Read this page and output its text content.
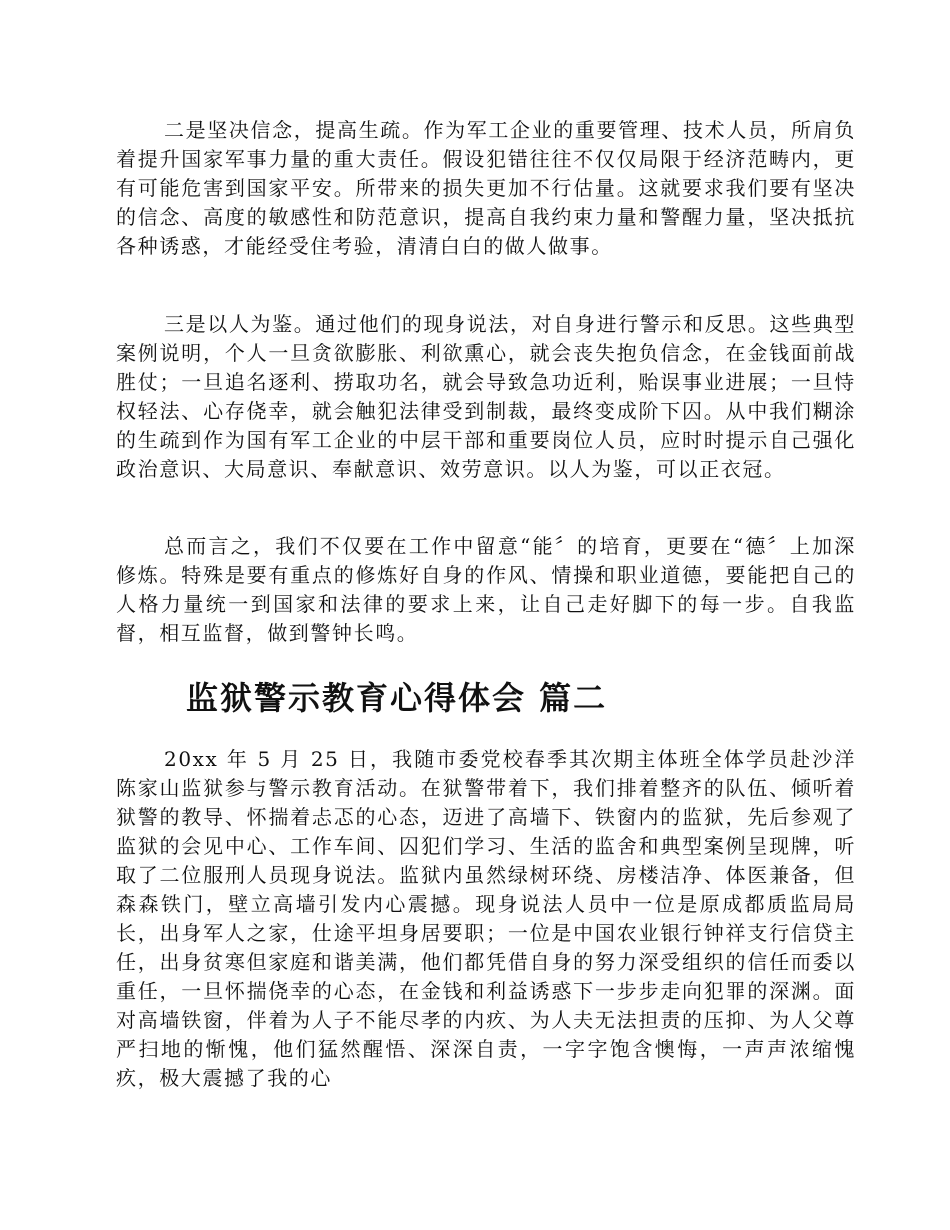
二是坚决信念，提高生疏。作为军工企业的重要管理、技术人员，所肩负着提升国家军事力量的重大责任。假设犯错往往不仅仅局限于经济范畴内，更有可能危害到国家平安。所带来的损失更加不行估量。这就要求我们要有坚决的信念、高度的敏感性和防范意识，提高自我约束力量和警醒力量，坚决抵抗各种诱惑，才能经受住考验，清清白白的做人做事。

三是以人为鉴。通过他们的现身说法，对自身进行警示和反思。这些典型案例说明，个人一旦贪欲膨胀、利欲熏心，就会丧失抱负信念，在金钱面前战胜仗；一旦追名逐利、捞取功名，就会导致急功近利，贻误事业进展；一旦恃权轻法、心存侥幸，就会触犯法律受到制裁，最终变成阶下囚。从中我们糊涂的生疏到作为国有军工企业的中层干部和重要岗位人员，应时时提示自己强化政治意识、大局意识、奉献意识、效劳意识。以人为鉴，可以正衣冠。

总而言之，我们不仅要在工作中留意“能〞的培育，更要在“德〞上加深修炼。特殊是要有重点的修炼好自身的作风、情操和职业道德，要能把自己的人格力量统一到国家和法律的要求上来，让自己走好脚下的每一步。自我监督，相互监督，做到警钟长鸣。

监狱警示教育心得体会 篇二

20xx 年 5 月 25 日，我随市委党校春季其次期主体班全体学员赴沙洋陈家山监狱参与警示教育活动。在狱警带着下，我们排着整齐的队伍、倾听着狱警的教导、怀揣着忐忑的心态，迈进了高墙下、铁窗内的监狱，先后参观了监狱的会见中心、工作车间、囚犯们学习、生活的监舍和典型案例呈现牌，听取了二位服刑人员现身说法。监狱内虽然绿树环绕、房楼洁净、体医兼备，但森森铁门，壁立高墙引发内心震撼。现身说法人员中一位是原成都质监局局长，出身军人之家，仕途平坦身居要职；一位是中国农业银行钟祥支行信贷主任，出身贫寒但家庭和谐美满，他们都凭借自身的努力深受组织的信任而委以重任，一旦怀揣侥幸的心态，在金钱和利益诱惑下一步步走向犯罪的深渊。面对高墙铁窗，伴着为人子不能尽孝的内疚、为人夫无法担责的压抑、为人父尊严扫地的惭愧，他们猛然醒悟、深深自责，一字字饱含懊悔，一声声浓缩愧疚，极大震撼了我的心
